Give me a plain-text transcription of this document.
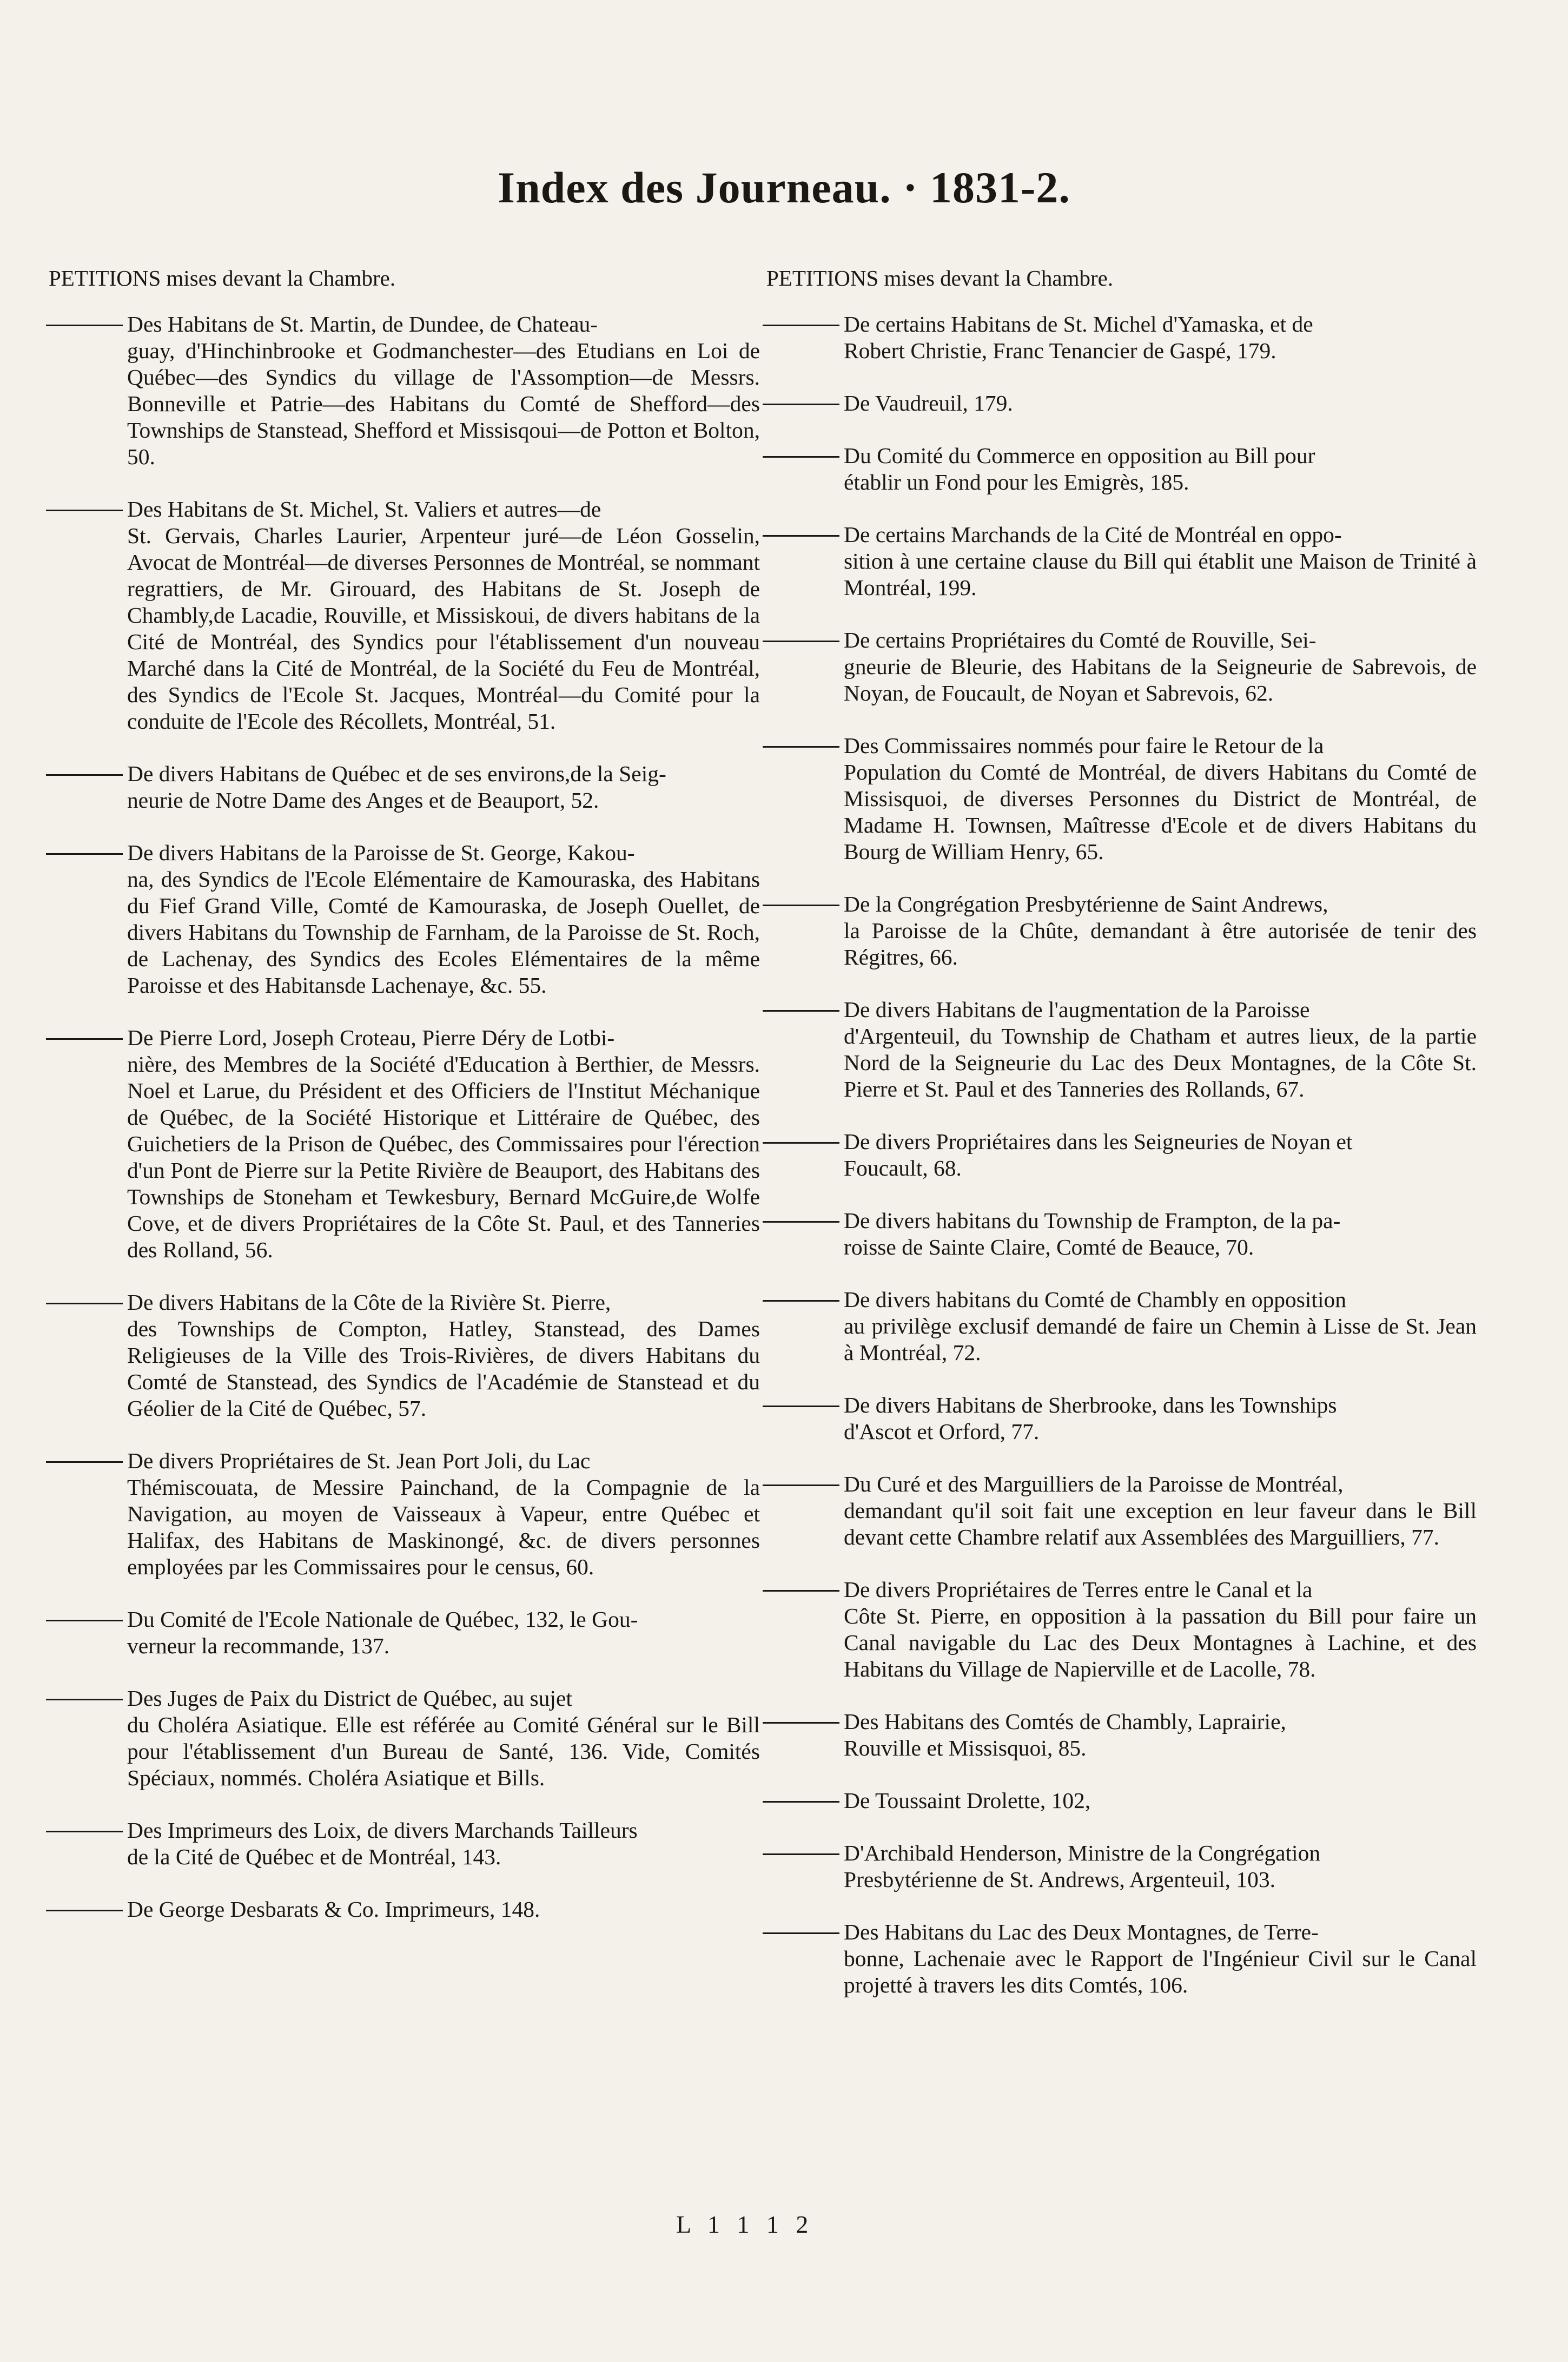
Index des Journeau. · 1831-2.
PETITIONS mises devant la Chambre.	PETITIONS mises devant la Chambre.
Des Habitans de St. Martin, de Dundee, de Chateau-
guay, d'Hinchinbrooke et Godmanchester—des Etudians en Loi de Québec—des Syndics du village de l'Assomption—de Messrs. Bonneville et Patrie—des Habitans du Comté de Shefford—des Townships de Stanstead, Shefford et Missisqoui—de Potton et Bolton, 50.
Des Habitans de St. Michel, St. Valiers et autres—de
St. Gervais, Charles Laurier, Arpenteur juré—de Léon Gosselin, Avocat de Montréal—de diverses Personnes de Montréal, se nommant regrattiers, de Mr. Girouard, des Habitans de St. Joseph de Chambly,de Lacadie, Rouville, et Missiskoui, de divers habitans de la Cité de Montréal, des Syndics pour l'établissement d'un nouveau Marché dans la Cité de Montréal, de la Société du Feu de Montréal, des Syndics de l'Ecole St. Jacques, Montréal—du Comité pour la conduite de l'Ecole des Récollets, Montréal, 51.
De divers Habitans de Québec et de ses environs,de la Seig-
neurie de Notre Dame des Anges et de Beauport, 52.
De divers Habitans de la Paroisse de St. George, Kakou-
na, des Syndics de l'Ecole Elémentaire de Kamouraska, des Habitans du Fief Grand Ville, Comté de Kamouraska, de Joseph Ouellet, de divers Habitans du Township de Farnham, de la Paroisse de St. Roch, de Lachenay, des Syndics des Ecoles Elémentaires de la même Paroisse et des Habitansde Lachenaye, &c. 55.
De Pierre Lord, Joseph Croteau, Pierre Déry de Lotbi-
nière, des Membres de la Société d'Education à Berthier, de Messrs. Noel et Larue, du Président et des Officiers de l'Institut Méchanique de Québec, de la Société Historique et Littéraire de Québec, des Guichetiers de la Prison de Québec, des Commissaires pour l'érection d'un Pont de Pierre sur la Petite Rivière de Beauport, des Habitans des Townships de Stoneham et Tewkesbury, Bernard McGuire,de Wolfe Cove, et de divers Propriétaires de la Côte St. Paul, et des Tanneries des Rolland, 56.
De divers Habitans de la Côte de la Rivière St. Pierre,
des Townships de Compton, Hatley, Stanstead, des Dames Religieuses de la Ville des Trois-Rivières, de divers Habitans du Comté de Stanstead, des Syndics de l'Académie de Stanstead et du Géolier de la Cité de Québec, 57.
De divers Propriétaires de St. Jean Port Joli, du Lac
Thémiscouata, de Messire Painchand, de la Compagnie de la Navigation, au moyen de Vaisseaux à Vapeur, entre Québec et Halifax, des Habitans de Maskinongé, &c. de divers personnes employées par les Commissaires pour le census, 60.
Du Comité de l'Ecole Nationale de Québec, 132, le Gou-
verneur la recommande, 137.
Des Juges de Paix du District de Québec, au sujet
du Choléra Asiatique. Elle est référée au Comité Général sur le Bill pour l'établissement d'un Bureau de Santé, 136. Vide, Comités Spéciaux, nommés. Choléra Asiatique et Bills.
Des Imprimeurs des Loix, de divers Marchands Tailleurs
de la Cité de Québec et de Montréal, 143.
De George Desbarats & Co. Imprimeurs, 148.
De certains Habitans de St. Michel d'Yamaska, et de
Robert Christie, Franc Tenancier de Gaspé, 179.
De Vaudreuil, 179.
Du Comité du Commerce en opposition au Bill pour
établir un Fond pour les Emigrès, 185.
De certains Marchands de la Cité de Montréal en oppo-
sition à une certaine clause du Bill qui établit une Maison de Trinité à Montréal, 199.
De certains Propriétaires du Comté de Rouville, Sei-
gneurie de Bleurie, des Habitans de la Seigneurie de Sabrevois, de Noyan, de Foucault, de Noyan et Sabrevois, 62.
Des Commissaires nommés pour faire le Retour de la
Population du Comté de Montréal, de divers Habitans du Comté de Missisquoi, de diverses Personnes du District de Montréal, de Madame H. Townsen, Maîtresse d'Ecole et de divers Habitans du Bourg de William Henry, 65.
De la Congrégation Presbytérienne de Saint Andrews,
la Paroisse de la Chûte, demandant à être autorisée de tenir des Régitres, 66.
De divers Habitans de l'augmentation de la Paroisse
d'Argenteuil, du Township de Chatham et autres lieux, de la partie Nord de la Seigneurie du Lac des Deux Montagnes, de la Côte St. Pierre et St. Paul et des Tanneries des Rollands, 67.
De divers Propriétaires dans les Seigneuries de Noyan et
Foucault, 68.
De divers habitans du Township de Frampton, de la pa-
roisse de Sainte Claire, Comté de Beauce, 70.
De divers habitans du Comté de Chambly en opposition
au privilège exclusif demandé de faire un Chemin à Lisse de St. Jean à Montréal, 72.
De divers Habitans de Sherbrooke, dans les Townships
d'Ascot et Orford, 77.
Du Curé et des Marguilliers de la Paroisse de Montréal,
demandant qu'il soit fait une exception en leur faveur dans le Bill devant cette Chambre relatif aux Assemblées des Marguilliers, 77.
De divers Propriétaires de Terres entre le Canal et la
Côte St. Pierre, en opposition à la passation du Bill pour faire un Canal navigable du Lac des Deux Montagnes à Lachine, et des Habitans du Village de Napierville et de Lacolle, 78.
Des Habitans des Comtés de Chambly, Laprairie,
Rouville et Missisquoi, 85.
De Toussaint Drolette, 102,
D'Archibald Henderson, Ministre de la Congrégation
Presbytérienne de St. Andrews, Argenteuil, 103.
Des Habitans du Lac des Deux Montagnes, de Terre-
bonne, Lachenaie avec le Rapport de l'Ingénieur Civil sur le Canal projetté à travers les dits Comtés, 106.
L 1 1 1 2
